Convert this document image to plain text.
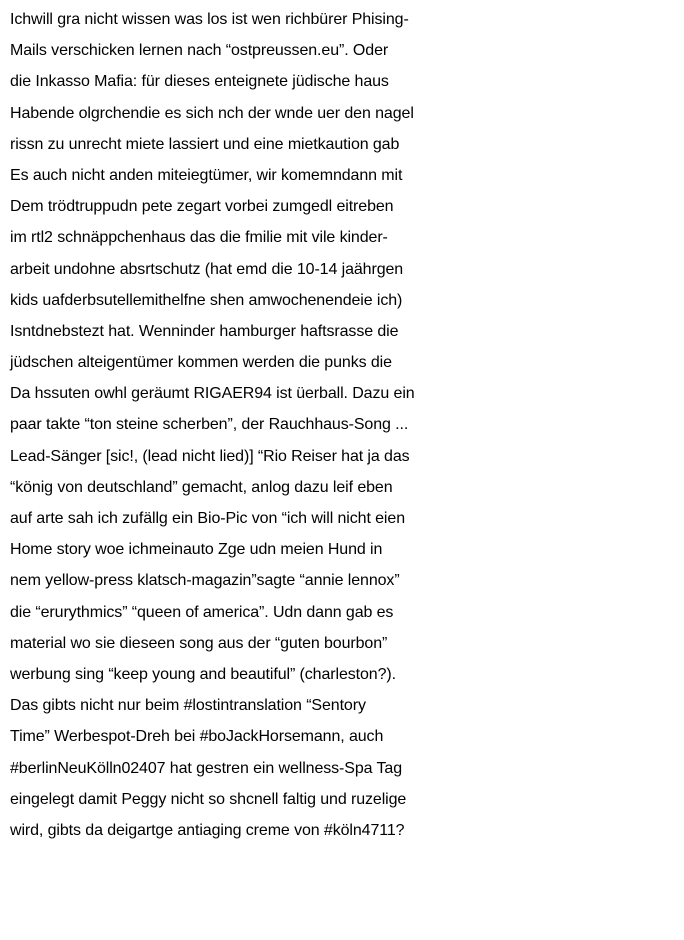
Ichwill gra nicht wissen was los ist wen richbürer Phising-
Mails verschicken lernen nach “ostpreussen.eu”. Oder
die Inkasso Mafia: für dieses enteignete jüdische haus
Habende olgrchendie es sich nch der wnde uer den nagel
rissn zu unrecht miete lassiert und eine mietkaution gab
Es auch nicht anden miteiegtümer, wir komemndann mit
Dem trödtruppudn pete zegart vorbei zumgedl eitreben
im rtl2 schnäppchenhaus das die fmilie mit vile kinder-
arbeit undohne absrtschutz (hat emd die 10-14 jaährgen
kids uafderbsutellemithelfne shen amwochenendeie ich)
Isntdnebstezt hat. Wenninder hamburger haftsrasse die
jüdschen alteigentümer kommen werden die punks die
Da hssuten owhl geräumt RIGAER94 ist üerball. Dazu ein
paar takte “ton steine scherben”, der Rauchhaus-Song ...
Lead-Sänger [sic!, (lead nicht lied)] “Rio Reiser hat ja das
“könig von deutschland” gemacht, anlog dazu leif eben
auf arte sah ich zufällg ein Bio-Pic von “ich will nicht eien
Home story woe ichmeinauto Zge udn meien Hund in
nem yellow-press klatsch-magazin”sagte “annie lennox”
die “erurythmics” “queen of america”. Udn dann gab es
material wo sie dieseen song aus der “guten bourbon”
werbung sing “keep young and beautiful” (charleston?).
Das gibts nicht nur beim #lostintranslation “Sentory
Time” Werbespot-Dreh bei #boJackHorsemann, auch
#berlinNeuKölln02407 hat gestren ein wellness-Spa Tag
eingelegt damit Peggy nicht so shcnell faltig und ruzelige
wird, gibts da deigartge antiaging creme von #köln4711?
